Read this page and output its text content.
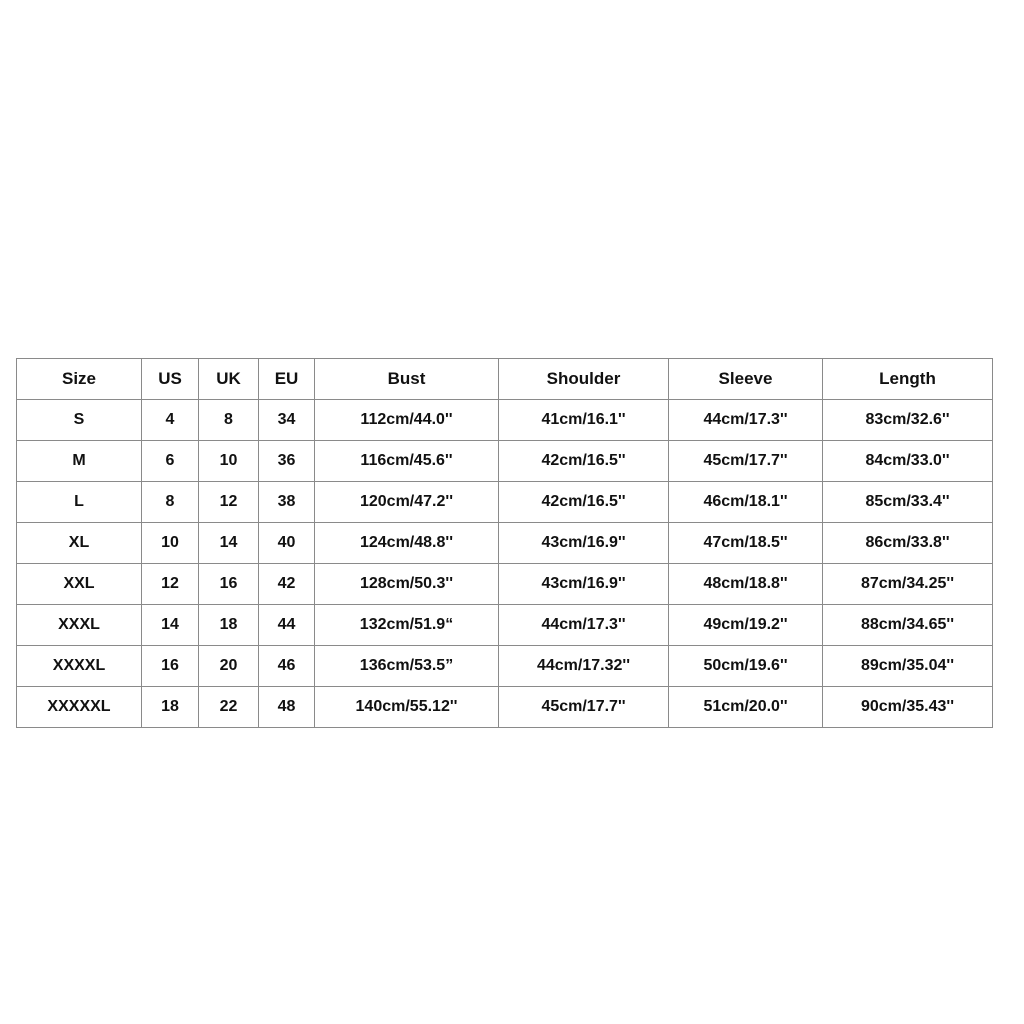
Size	US	UK	EU	Bust	Shoulder	Sleeve	Length
S	4	8	34	112cm/44.0''	41cm/16.1''	44cm/17.3''	83cm/32.6''
M	6	10	36	116cm/45.6''	42cm/16.5''	45cm/17.7''	84cm/33.0''
L	8	12	38	120cm/47.2''	42cm/16.5''	46cm/18.1''	85cm/33.4''
XL	10	14	40	124cm/48.8''	43cm/16.9''	47cm/18.5''	86cm/33.8''
XXL	12	16	42	128cm/50.3''	43cm/16.9''	48cm/18.8''	87cm/34.25''
XXXL	14	18	44	132cm/51.9“	44cm/17.3''	49cm/19.2''	88cm/34.65''
XXXXL	16	20	46	136cm/53.5”	44cm/17.32''	50cm/19.6''	89cm/35.04''
XXXXXL	18	22	48	140cm/55.12''	45cm/17.7''	51cm/20.0''	90cm/35.43''
